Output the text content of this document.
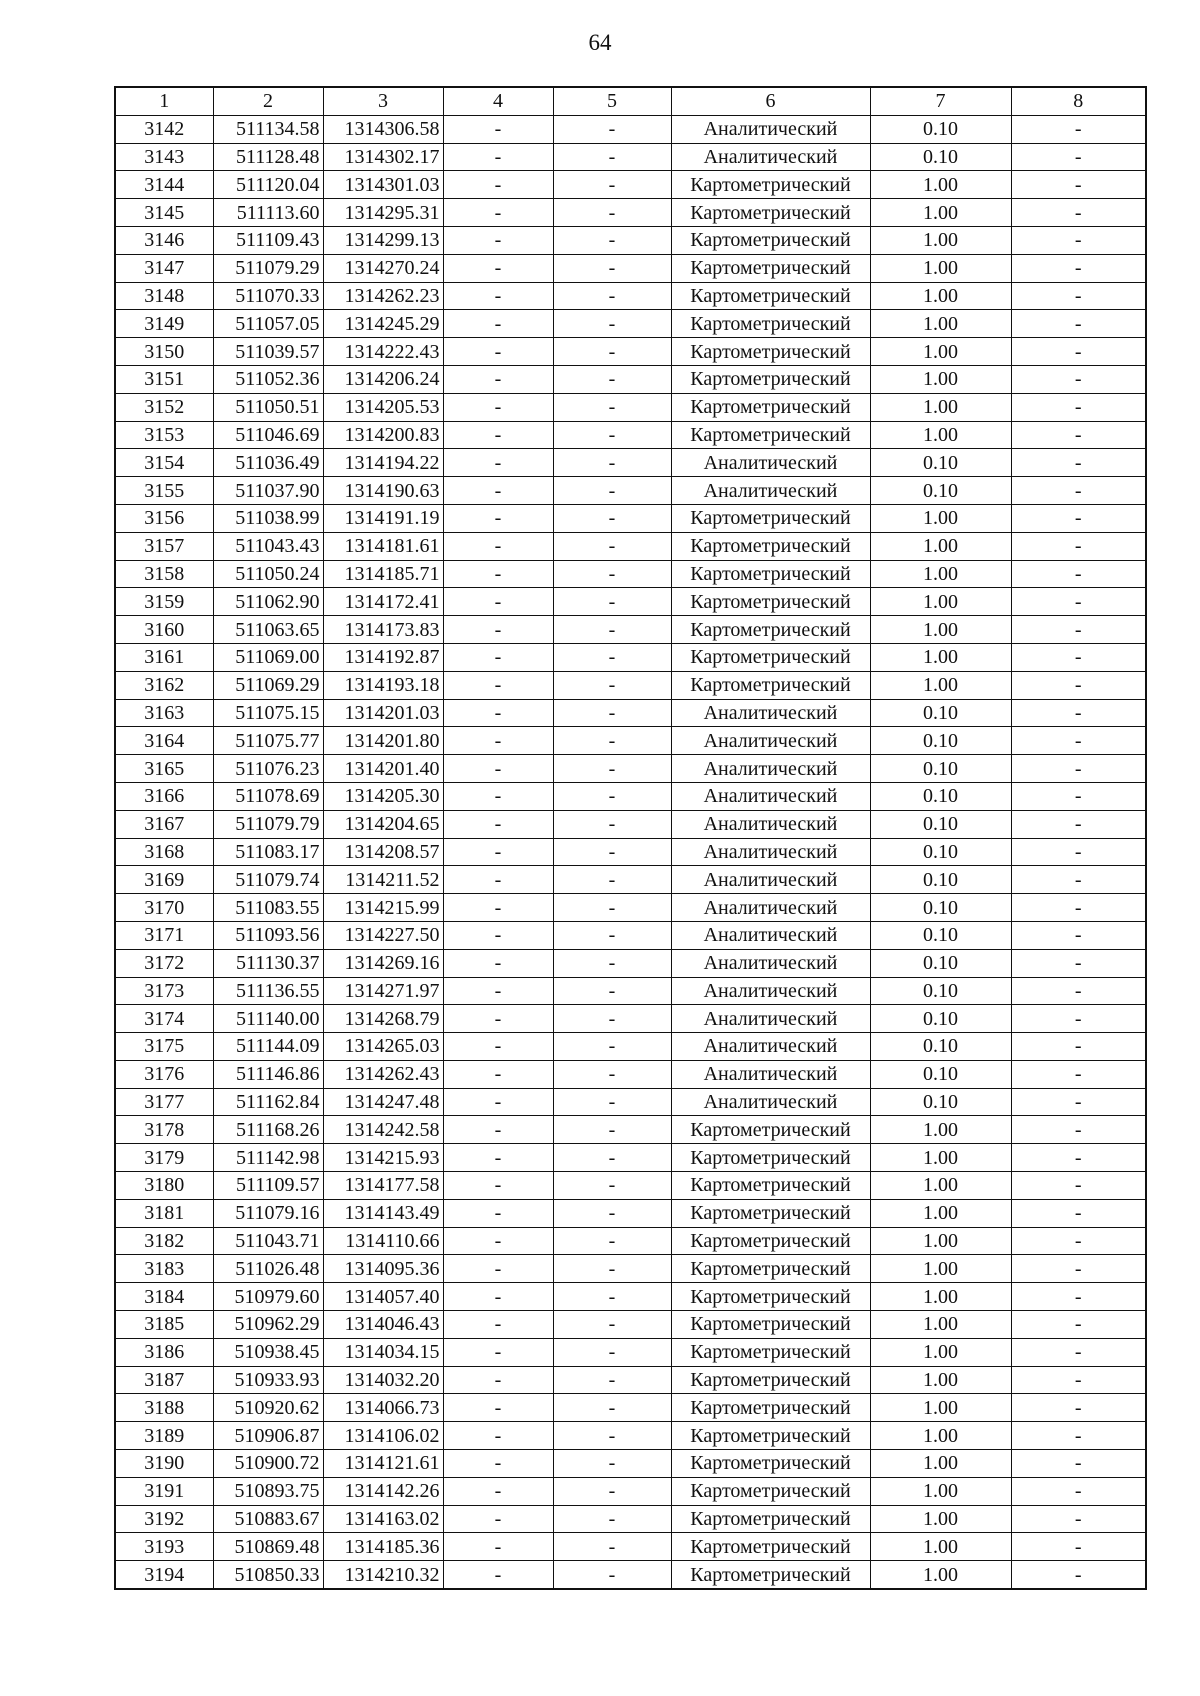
64
1	2	3	4	5	6	7	8
3142	511134.58	1314306.58	-	-	Аналитический	0.10	-
3143	511128.48	1314302.17	-	-	Аналитический	0.10	-
3144	511120.04	1314301.03	-	-	Картометрический	1.00	-
3145	511113.60	1314295.31	-	-	Картометрический	1.00	-
3146	511109.43	1314299.13	-	-	Картометрический	1.00	-
3147	511079.29	1314270.24	-	-	Картометрический	1.00	-
3148	511070.33	1314262.23	-	-	Картометрический	1.00	-
3149	511057.05	1314245.29	-	-	Картометрический	1.00	-
3150	511039.57	1314222.43	-	-	Картометрический	1.00	-
3151	511052.36	1314206.24	-	-	Картометрический	1.00	-
3152	511050.51	1314205.53	-	-	Картометрический	1.00	-
3153	511046.69	1314200.83	-	-	Картометрический	1.00	-
3154	511036.49	1314194.22	-	-	Аналитический	0.10	-
3155	511037.90	1314190.63	-	-	Аналитический	0.10	-
3156	511038.99	1314191.19	-	-	Картометрический	1.00	-
3157	511043.43	1314181.61	-	-	Картометрический	1.00	-
3158	511050.24	1314185.71	-	-	Картометрический	1.00	-
3159	511062.90	1314172.41	-	-	Картометрический	1.00	-
3160	511063.65	1314173.83	-	-	Картометрический	1.00	-
3161	511069.00	1314192.87	-	-	Картометрический	1.00	-
3162	511069.29	1314193.18	-	-	Картометрический	1.00	-
3163	511075.15	1314201.03	-	-	Аналитический	0.10	-
3164	511075.77	1314201.80	-	-	Аналитический	0.10	-
3165	511076.23	1314201.40	-	-	Аналитический	0.10	-
3166	511078.69	1314205.30	-	-	Аналитический	0.10	-
3167	511079.79	1314204.65	-	-	Аналитический	0.10	-
3168	511083.17	1314208.57	-	-	Аналитический	0.10	-
3169	511079.74	1314211.52	-	-	Аналитический	0.10	-
3170	511083.55	1314215.99	-	-	Аналитический	0.10	-
3171	511093.56	1314227.50	-	-	Аналитический	0.10	-
3172	511130.37	1314269.16	-	-	Аналитический	0.10	-
3173	511136.55	1314271.97	-	-	Аналитический	0.10	-
3174	511140.00	1314268.79	-	-	Аналитический	0.10	-
3175	511144.09	1314265.03	-	-	Аналитический	0.10	-
3176	511146.86	1314262.43	-	-	Аналитический	0.10	-
3177	511162.84	1314247.48	-	-	Аналитический	0.10	-
3178	511168.26	1314242.58	-	-	Картометрический	1.00	-
3179	511142.98	1314215.93	-	-	Картометрический	1.00	-
3180	511109.57	1314177.58	-	-	Картометрический	1.00	-
3181	511079.16	1314143.49	-	-	Картометрический	1.00	-
3182	511043.71	1314110.66	-	-	Картометрический	1.00	-
3183	511026.48	1314095.36	-	-	Картометрический	1.00	-
3184	510979.60	1314057.40	-	-	Картометрический	1.00	-
3185	510962.29	1314046.43	-	-	Картометрический	1.00	-
3186	510938.45	1314034.15	-	-	Картометрический	1.00	-
3187	510933.93	1314032.20	-	-	Картометрический	1.00	-
3188	510920.62	1314066.73	-	-	Картометрический	1.00	-
3189	510906.87	1314106.02	-	-	Картометрический	1.00	-
3190	510900.72	1314121.61	-	-	Картометрический	1.00	-
3191	510893.75	1314142.26	-	-	Картометрический	1.00	-
3192	510883.67	1314163.02	-	-	Картометрический	1.00	-
3193	510869.48	1314185.36	-	-	Картометрический	1.00	-
3194	510850.33	1314210.32	-	-	Картометрический	1.00	-
